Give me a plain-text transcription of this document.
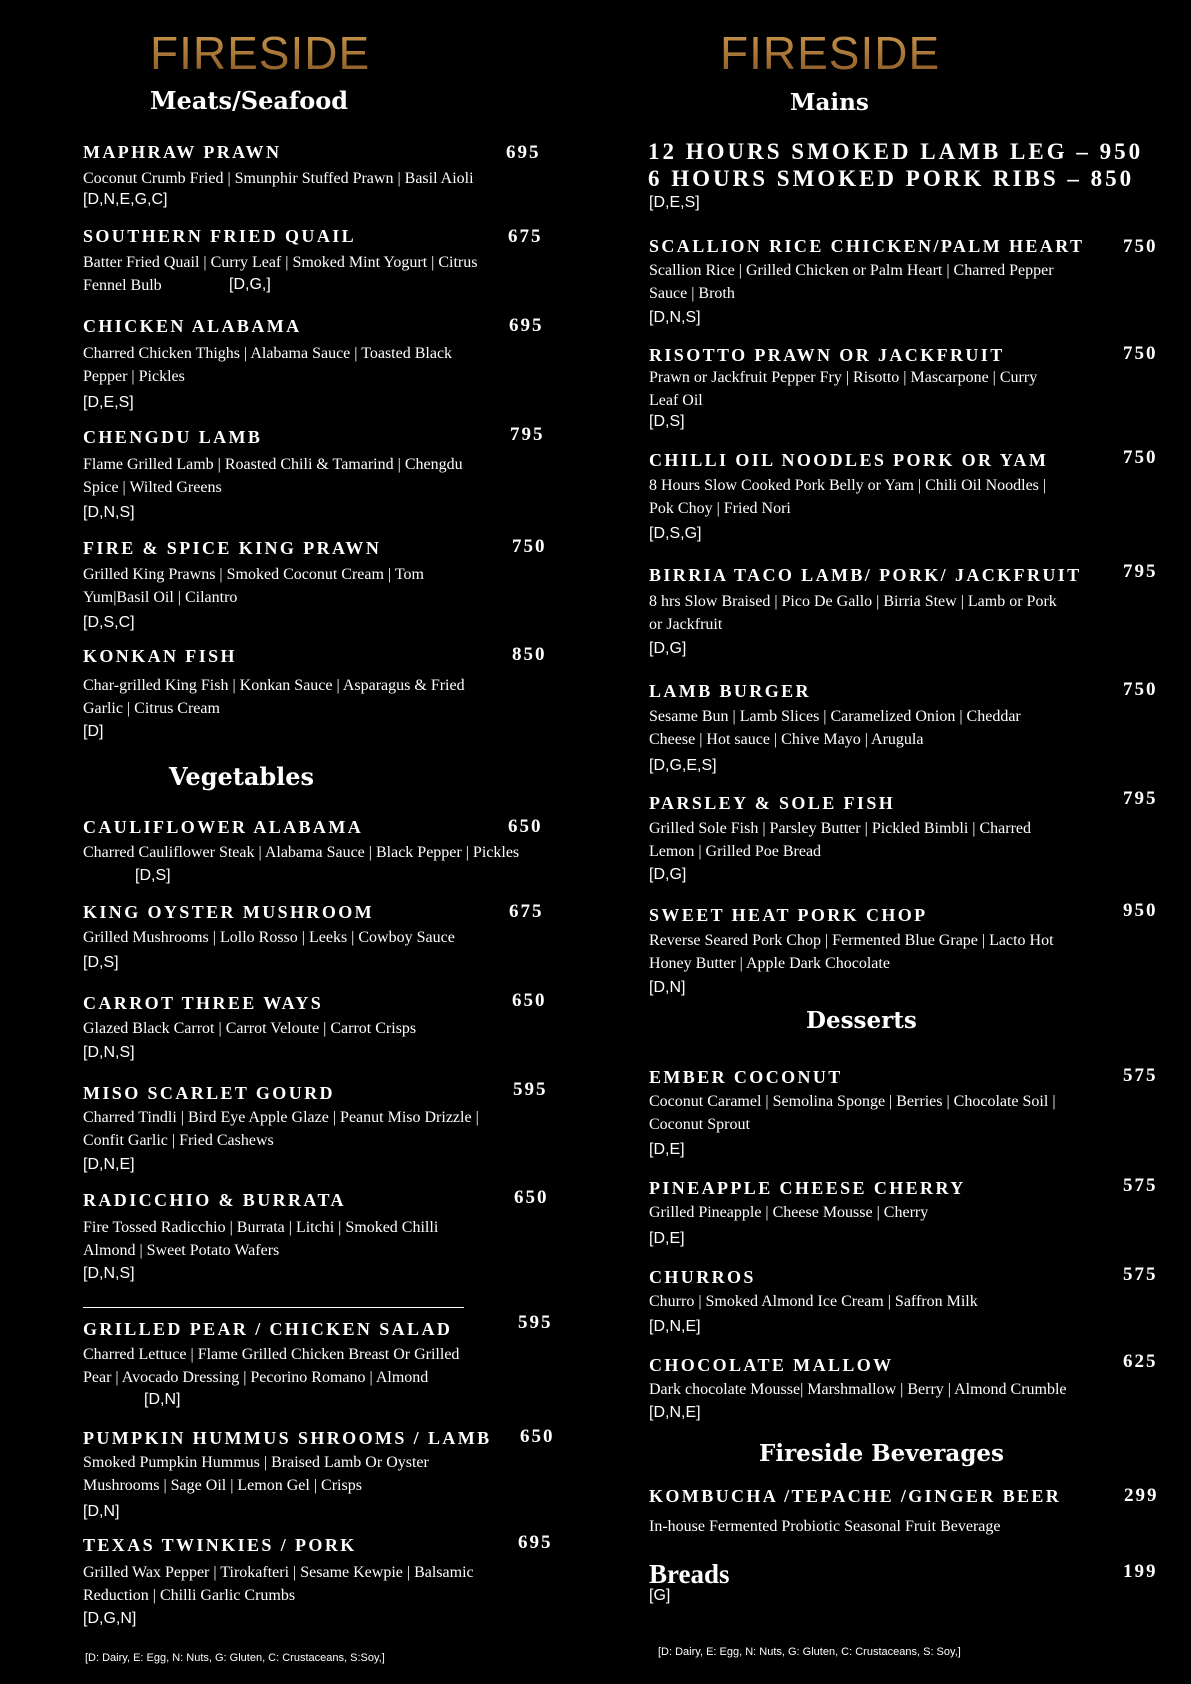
FIRESIDE
Meats/Seafood
MAPHRAW PRAWN	695
Coconut Crumb Fried | Smunphir Stuffed Prawn | Basil Aioli
[D,N,E,G,C]
SOUTHERN FRIED QUAIL	675
Batter Fried Quail | Curry Leaf | Smoked Mint Yogurt | Citrus Fennel Bulb	[D,G,]
CHICKEN ALABAMA	695
Charred Chicken Thighs | Alabama Sauce | Toasted Black Pepper | Pickles
[D,E,S]
CHENGDU LAMB	795
Flame Grilled Lamb | Roasted Chili & Tamarind | Chengdu Spice | Wilted Greens
[D,N,S]
FIRE & SPICE KING PRAWN	750
Grilled King Prawns | Smoked Coconut Cream | Tom Yum|Basil Oil | Cilantro
[D,S,C]
KONKAN FISH	850
Char-grilled King Fish | Konkan Sauce | Asparagus & Fried Garlic | Citrus Cream
[D]
Vegetables
CAULIFLOWER ALABAMA	650
Charred Cauliflower Steak | Alabama Sauce | Black Pepper | Pickles
[D,S]
KING OYSTER MUSHROOM	675
Grilled Mushrooms | Lollo Rosso | Leeks | Cowboy Sauce
[D,S]
CARROT THREE WAYS	650
Glazed Black Carrot | Carrot Veloute | Carrot Crisps
[D,N,S]
MISO SCARLET GOURD	595
Charred Tindli | Bird Eye Apple Glaze | Peanut Miso Drizzle | Confit Garlic | Fried Cashews
[D,N,E]
RADICCHIO & BURRATA	650
Fire Tossed Radicchio | Burrata | Litchi | Smoked Chilli Almond | Sweet Potato Wafers
[D,N,S]
GRILLED PEAR / CHICKEN SALAD	595
Charred Lettuce | Flame Grilled Chicken Breast Or Grilled Pear | Avocado Dressing | Pecorino Romano | Almond
[D,N]
PUMPKIN HUMMUS SHROOMS / LAMB 650
Smoked Pumpkin Hummus | Braised Lamb Or Oyster Mushrooms | Sage Oil | Lemon Gel | Crisps
[D,N]
TEXAS TWINKIES / PORK	695
Grilled Wax Pepper | Tirokafteri | Sesame Kewpie | Balsamic Reduction | Chilli Garlic Crumbs
[D,G,N]
[D: Dairy, E: Egg, N: Nuts, G: Gluten, C: Crustaceans, S:Soy,]
FIRESIDE
Mains
12 HOURS SMOKED LAMB LEG – 950
6 HOURS SMOKED PORK RIBS – 850
[D,E,S]
SCALLION RICE CHICKEN/PALM HEART 750
Scallion Rice | Grilled Chicken or Palm Heart | Charred Pepper Sauce | Broth
[D,N,S]
RISOTTO PRAWN OR JACKFRUIT	750
Prawn or Jackfruit Pepper Fry | Risotto | Mascarpone | Curry Leaf Oil
[D,S]
CHILLI OIL NOODLES PORK OR YAM	750
8 Hours Slow Cooked Pork Belly or Yam | Chili Oil Noodles | Pok Choy | Fried Nori
[D,S,G]
BIRRIA TACO LAMB/ PORK/ JACKFRUIT 795
8 hrs Slow Braised | Pico De Gallo | Birria Stew | Lamb or Pork or Jackfruit
[D,G]
LAMB BURGER	750
Sesame Bun | Lamb Slices | Caramelized Onion | Cheddar Cheese | Hot sauce | Chive Mayo | Arugula
[D,G,E,S]
PARSLEY & SOLE FISH	795
Grilled Sole Fish | Parsley Butter | Pickled Bimbli | Charred Lemon | Grilled Poe Bread
[D,G]
SWEET HEAT PORK CHOP	950
Reverse Seared Pork Chop | Fermented Blue Grape | Lacto Hot Honey Butter | Apple Dark Chocolate
[D,N]
Desserts
EMBER COCONUT	575
Coconut Caramel | Semolina Sponge | Berries | Chocolate Soil | Coconut Sprout
[D,E]
PINEAPPLE CHEESE CHERRY	575
Grilled Pineapple | Cheese Mousse | Cherry
[D,E]
CHURROS	575
Churro | Smoked Almond Ice Cream | Saffron Milk
[D,N,E]
CHOCOLATE MALLOW	625
Dark chocolate Mousse| Marshmallow | Berry | Almond Crumble
[D,N,E]
Fireside Beverages
KOMBUCHA /TEPACHE /GINGER BEER	299
In-house Fermented Probiotic Seasonal Fruit Beverage
Breads	199
[G]
[D: Dairy, E: Egg, N: Nuts, G: Gluten, C: Crustaceans, S: Soy,]
